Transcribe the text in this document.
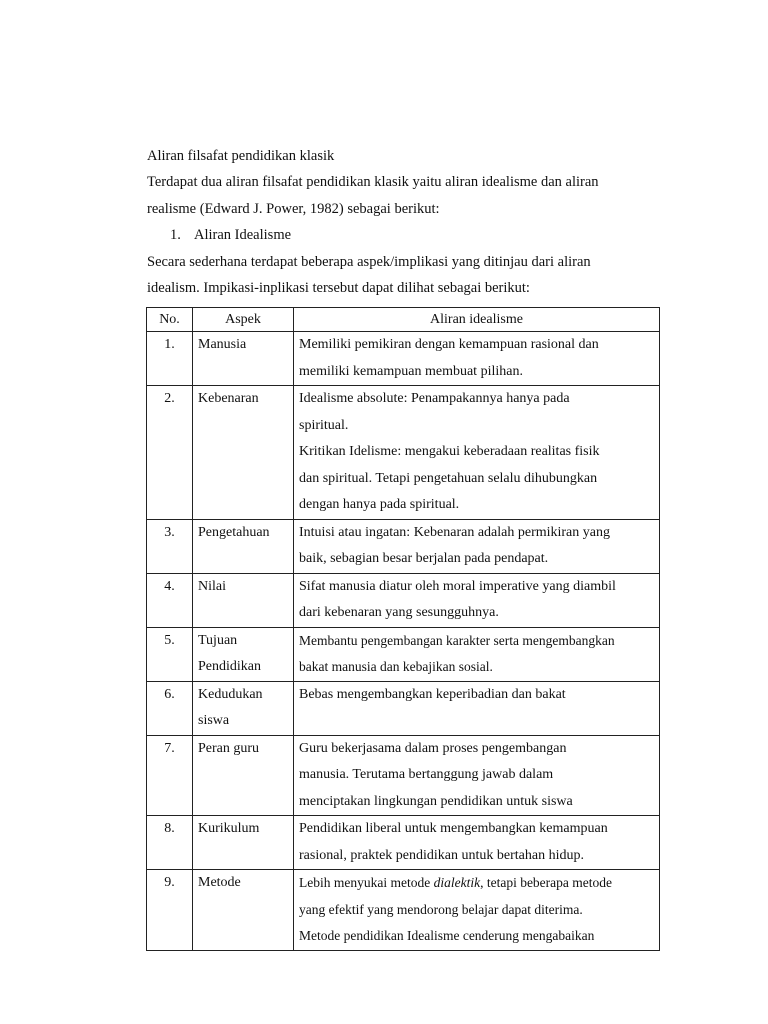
Aliran filsafat pendidikan klasik
Terdapat dua aliran filsafat pendidikan klasik yaitu aliran idealisme dan aliran
realisme (Edward J. Power, 1982) sebagai berikut:
1. Aliran Idealisme
Secara sederhana terdapat beberapa aspek/implikasi yang ditinjau dari aliran
idealism. Impikasi-inplikasi tersebut dapat dilihat sebagai berikut:
No.	Aspek	Aliran idealisme
1.	Manusia	Memiliki pemikiran dengan kemampuan rasional dan
memiliki kemampuan membuat pilihan.

2.	Kebenaran	Idealisme absolute: Penampakannya hanya pada
spiritual.
Kritikan Idelisme: mengakui keberadaan realitas fisik
dan spiritual. Tetapi pengetahuan selalu dihubungkan
dengan hanya pada spiritual.

3.	Pengetahuan	Intuisi atau ingatan: Kebenaran adalah permikiran yang
baik, sebagian besar berjalan pada pendapat.

4.	Nilai	Sifat manusia diatur oleh moral imperative yang diambil
dari kebenaran yang sesungguhnya.

5.	Tujuan
Pendidikan	Membantu pengembangan karakter serta mengembangkan
bakat manusia dan kebajikan sosial.

6.	Kedudukan
siswa	Bebas mengembangkan keperibadian dan bakat

7.	Peran guru	Guru bekerjasama dalam proses pengembangan
manusia. Terutama bertanggung jawab dalam
menciptakan lingkungan pendidikan untuk siswa

8.	Kurikulum	Pendidikan liberal untuk mengembangkan kemampuan
rasional, praktek pendidikan untuk bertahan hidup.

9.	Metode	Lebih menyukai metode dialektik, tetapi beberapa metode
yang efektif yang mendorong belajar dapat diterima.
Metode pendidikan Idealisme cenderung mengabaikan
